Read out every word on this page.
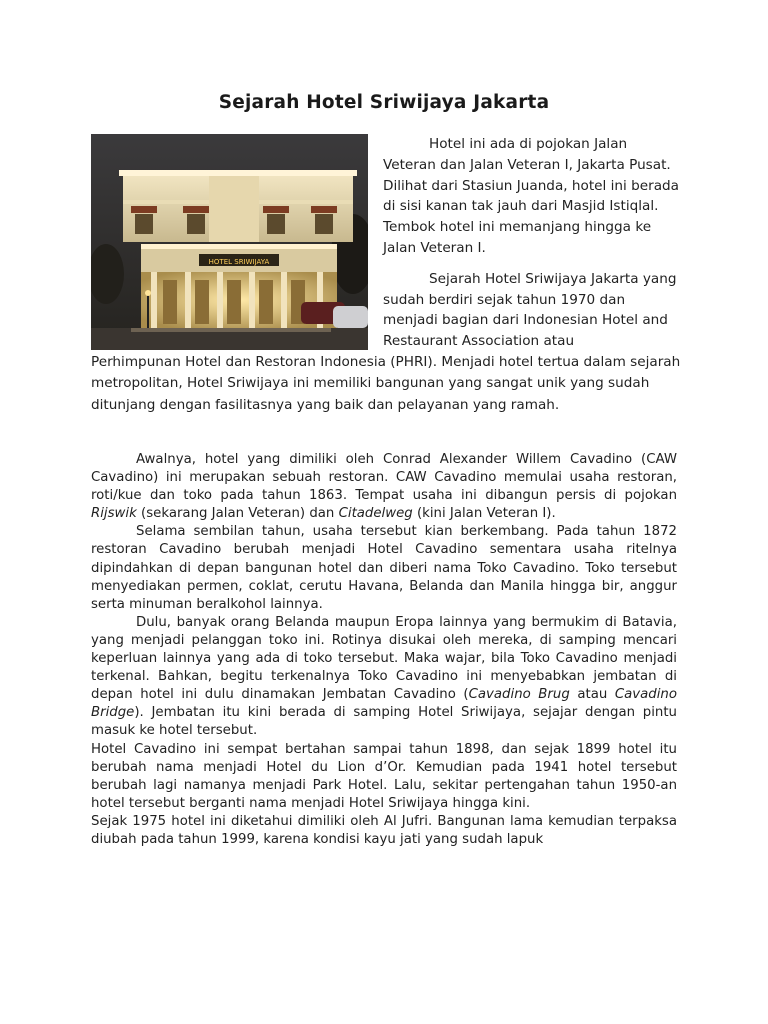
Sejarah Hotel Sriwijaya Jakarta
HOTEL SRIWIJAYA

Hotel ini ada di pojokan Jalan Veteran dan Jalan Veteran I, Jakarta Pusat. Dilihat dari Stasiun Juanda, hotel ini berada di sisi kanan tak jauh dari Masjid Istiqlal. Tembok hotel ini memanjang hingga ke Jalan Veteran I.

Sejarah Hotel Sriwijaya Jakarta yang sudah berdiri sejak tahun 1970 dan menjadi bagian dari Indonesian Hotel and Restaurant Association atau

Perhimpunan Hotel dan Restoran Indonesia (PHRI). Menjadi hotel tertua dalam sejarah metropolitan, Hotel Sriwijaya ini memiliki bangunan yang sangat unik yang sudah ditunjang dengan fasilitasnya yang baik dan pelayanan yang ramah.

Awalnya, hotel yang dimiliki oleh Conrad Alexander Willem Cavadino (CAW Cavadino) ini merupakan sebuah restoran. CAW Cavadino memulai usaha restoran, roti/kue dan toko pada tahun 1863. Tempat usaha ini dibangun persis di pojokan Rijswik (sekarang Jalan Veteran) dan Citadelweg (kini Jalan Veteran I).

Selama sembilan tahun, usaha tersebut kian berkembang. Pada tahun 1872 restoran Cavadino berubah menjadi Hotel Cavadino sementara usaha ritelnya dipindahkan di depan bangunan hotel dan diberi nama Toko Cavadino. Toko tersebut menyediakan permen, coklat, cerutu Havana, Belanda dan Manila hingga bir, anggur serta minuman beralkohol lainnya.

Dulu, banyak orang Belanda maupun Eropa lainnya yang bermukim di Batavia, yang menjadi pelanggan toko ini. Rotinya disukai oleh mereka, di samping mencari keperluan lainnya yang ada di toko tersebut. Maka wajar, bila Toko Cavadino menjadi terkenal. Bahkan, begitu terkenalnya Toko Cavadino ini menyebabkan jembatan di depan hotel ini dulu dinamakan Jembatan Cavadino (Cavadino Brug atau Cavadino Bridge). Jembatan itu kini berada di samping Hotel Sriwijaya, sejajar dengan pintu masuk ke hotel tersebut.

Hotel Cavadino ini sempat bertahan sampai tahun 1898, dan sejak 1899 hotel itu berubah nama menjadi Hotel du Lion d’Or. Kemudian pada 1941 hotel tersebut berubah lagi namanya menjadi Park Hotel. Lalu, sekitar pertengahan tahun 1950-an hotel tersebut berganti nama menjadi Hotel Sriwijaya hingga kini.

Sejak 1975 hotel ini diketahui dimiliki oleh Al Jufri. Bangunan lama kemudian terpaksa diubah pada tahun 1999, karena kondisi kayu jati yang sudah lapuk
